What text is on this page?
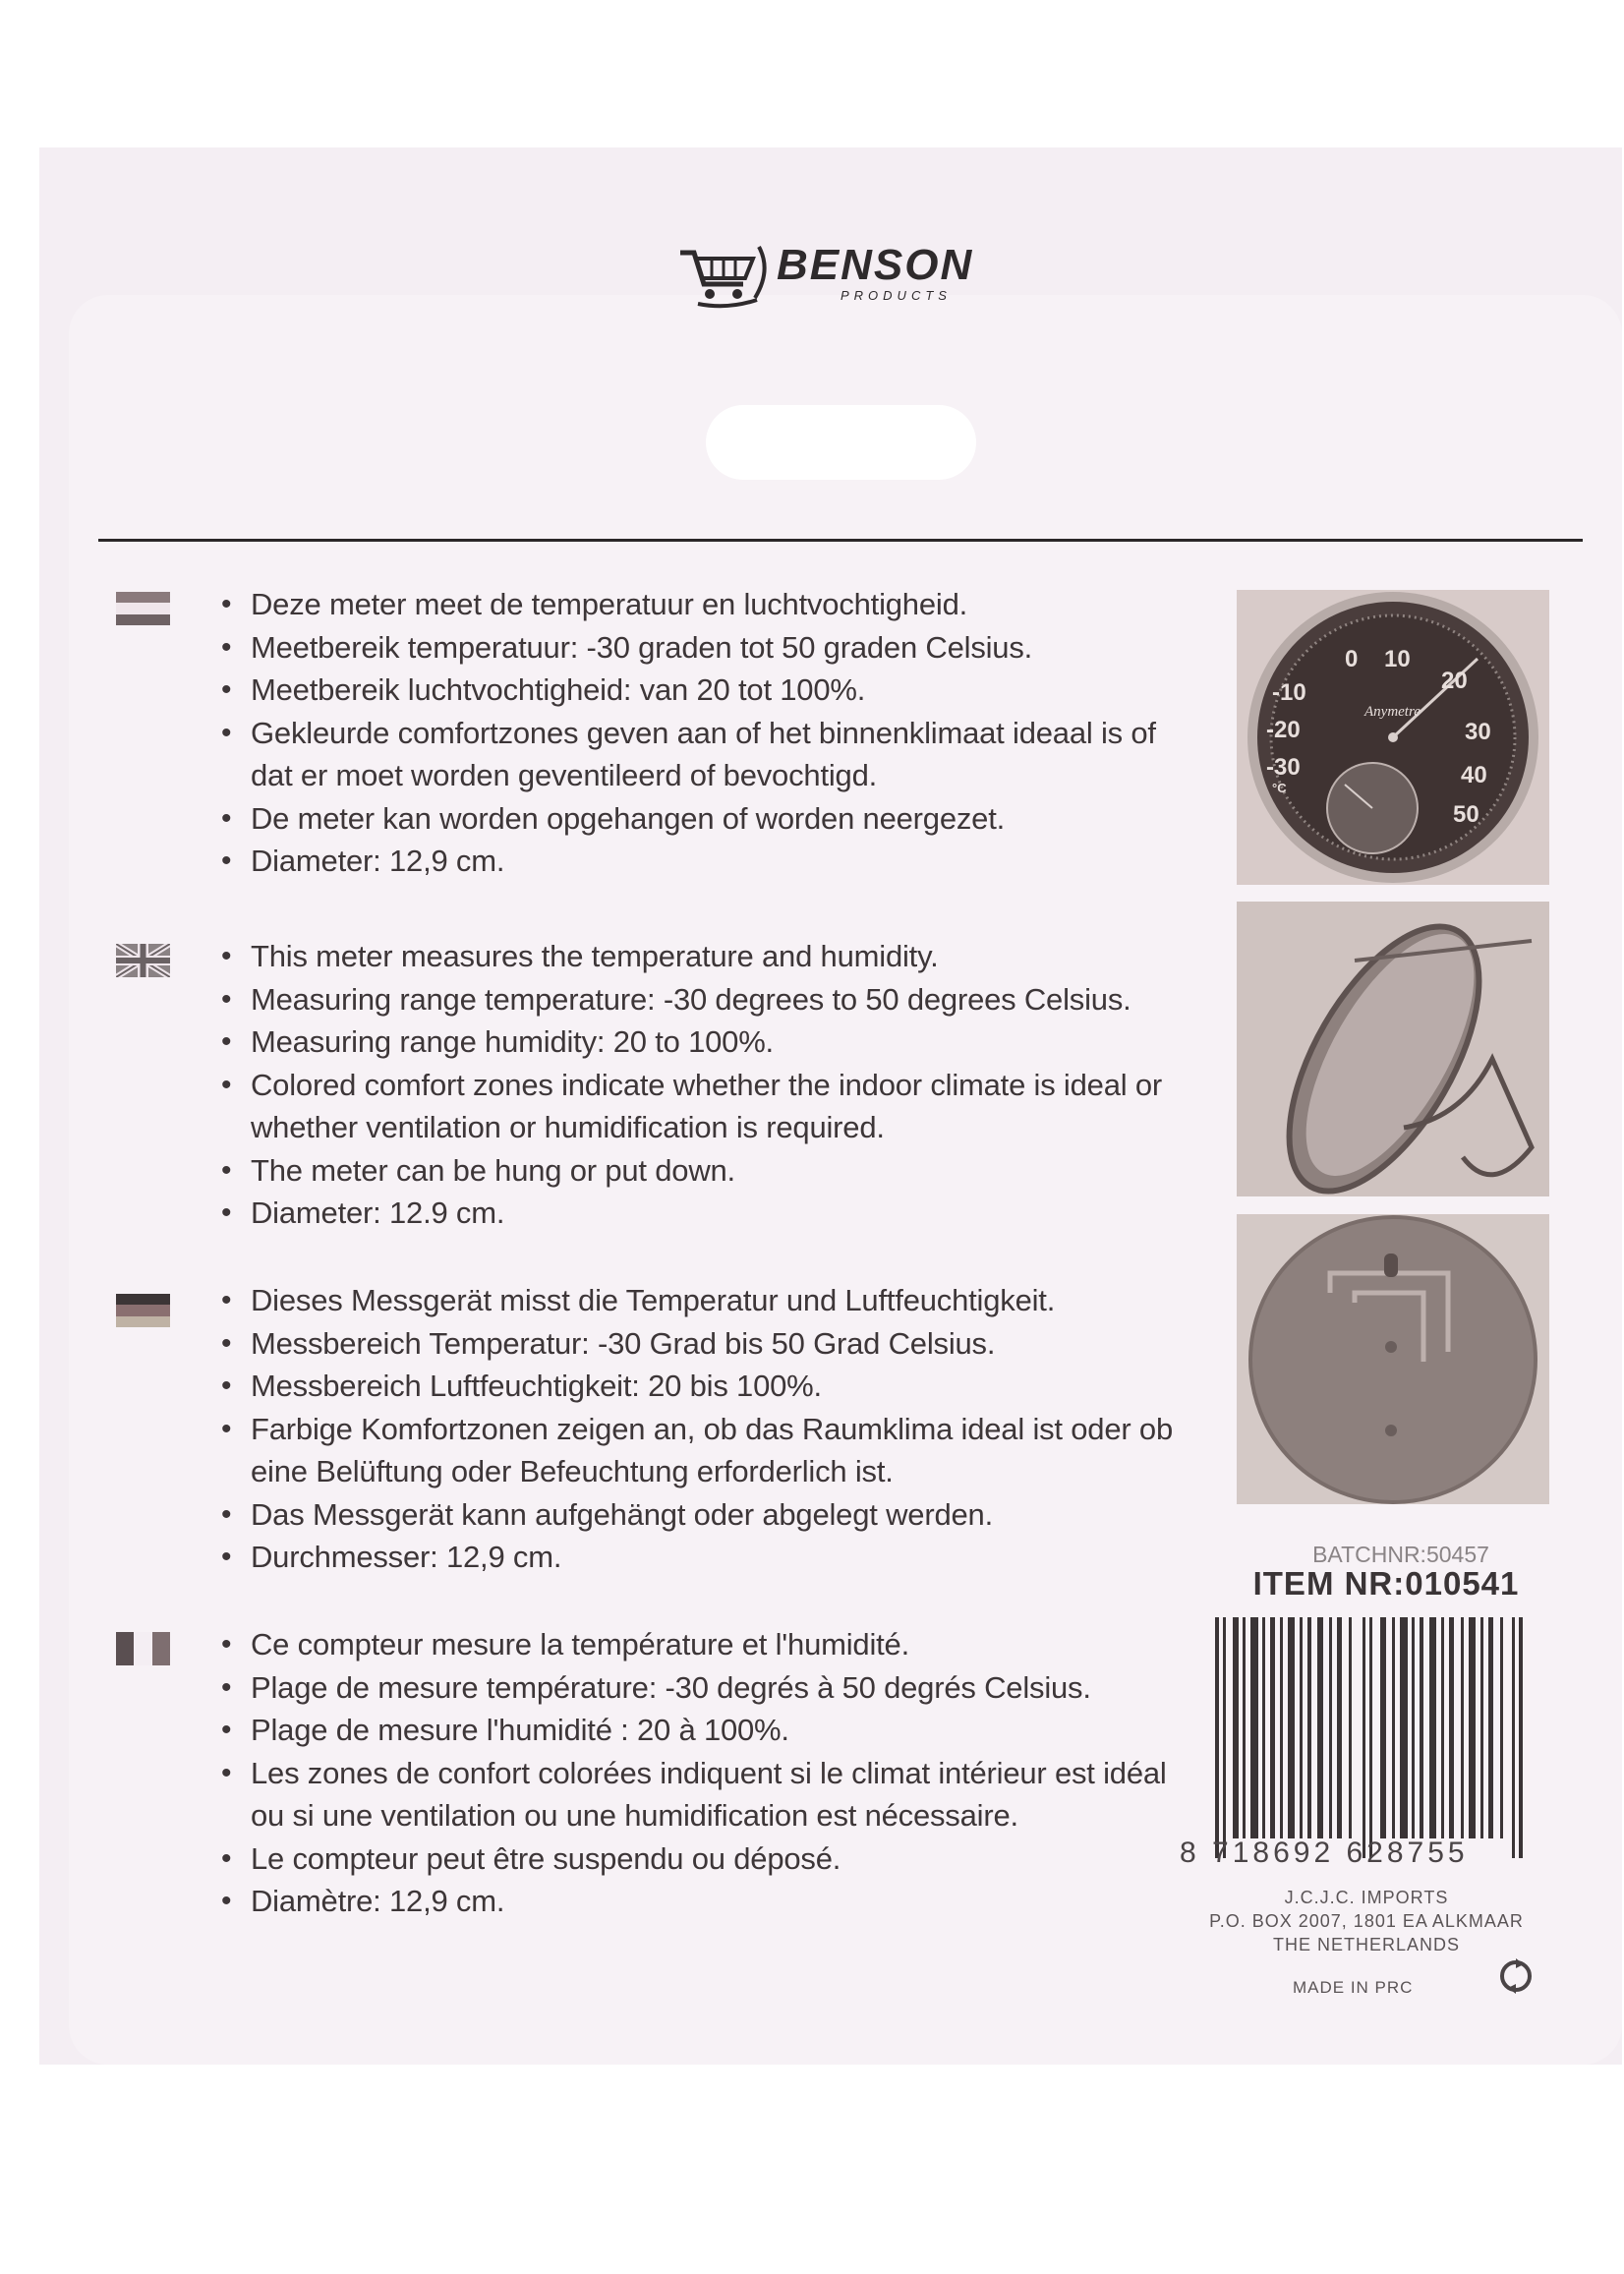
BENSON
PRODUCTS
• Deze meter meet de temperatuur en luchtvochtigheid.
• Meetbereik temperatuur: -30 graden tot 50 graden Celsius.
• Meetbereik luchtvochtigheid: van 20 tot 100%.
• Gekleurde comfortzones geven aan of het binnenklimaat ideaal is of dat er moet worden geventileerd of bevochtigd.
• De meter kan worden opgehangen of worden neergezet.
• Diameter: 12,9 cm.
• This meter measures the temperature and humidity.
• Measuring range temperature: -30 degrees to 50 degrees Celsius.
• Measuring range humidity: 20 to 100%.
• Colored comfort zones indicate whether the indoor climate is ideal or whether ventilation or humidification is required.
• The meter can be hung or put down.
• Diameter: 12.9 cm.
• Dieses Messgerät misst die Temperatur und Luftfeuchtigkeit.
• Messbereich Temperatur: -30 Grad bis 50 Grad Celsius.
• Messbereich Luftfeuchtigkeit: 20 bis 100%.
• Farbige Komfortzonen zeigen an, ob das Raumklima ideal ist oder ob eine Belüftung oder Befeuchtung erforderlich ist.
• Das Messgerät kann aufgehängt oder abgelegt werden.
• Durchmesser: 12,9 cm.
• Ce compteur mesure la température et l'humidité.
• Plage de mesure température: -30 degrés à 50 degrés Celsius.
• Plage de mesure l'humidité : 20 à 100%.
• Les zones de confort colorées indiquent si le climat intérieur est idéal ou si une ventilation ou une humidification est nécessaire.
• Le compteur peut être suspendu ou déposé.
• Diamètre: 12,9 cm.
-10
0 10
20
30
40
50
-20
-30
°C
Anymetre
BATCHNR:50457
ITEM NR:010541
8 718692 628755
J.C.J.C. IMPORTS
P.O. BOX 2007, 1801 EA ALKMAAR
THE NETHERLANDS
MADE IN PRC
